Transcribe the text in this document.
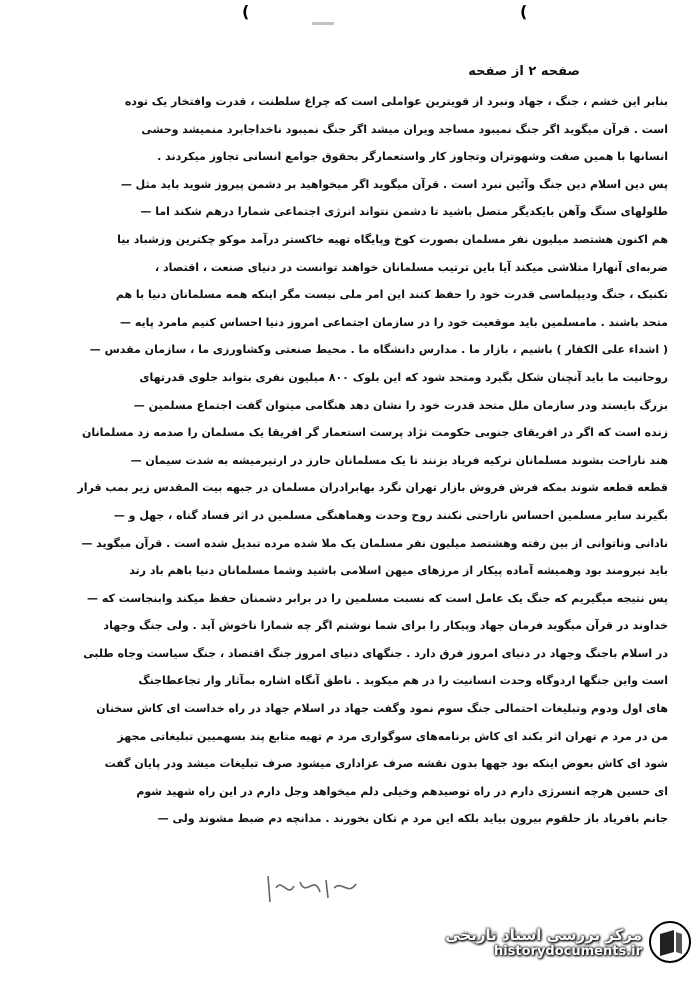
(	(
صفحه ۲ از صفحه
بنابر این خشم ، جنگ ، جهاد ونبرد از قویترین عواملی است که چراغ سلطنت ، قدرت وافتخار یک توده
است . قرآن میگوید اگر جنگ نمیبود مساجد ویران میشد اگر جنگ نمیبود ناخداجابرد منمیشد وحشی
انسانها با همین صفت وشهوتران وتجاوز کار واستعمارگر بحقوق جوامع انسانی تجاوز میکردند .
پس دین اسلام دین جنگ وآئین نبرد است . قرآن میگوید اگر میخواهید بر دشمن پیروز شوید باید مثل —
طلولهای سنگ وآهن بایکدیگر متصل باشید تا دشمن نتواند انرژی اجتماعی شمارا درهم شکند اما —
هم اکنون هشتصد میلیون نفر مسلمان بصورت کوخ وپایگاه تهیه خاکستر درآمد موکو چکترین وزشباد بیا
ضربه‌ای آنهارا متلاشی میکند آیا باین ترتیب مسلمانان خواهند توانست در دنیای صنعت ، اقتصاد ،
تکنیک ، جنگ ودیپلماسی قدرت خود را حفظ کنند این امر ملی نیست مگر اینکه همه مسلمانان دنیا با هم
متحد باشند . مامسلمین باید موقعیت خود را در سازمان اجتماعی امروز دنیا احساس کنیم مامرد پایه —
( اشداء علی الکفار ) باشیم ، بازار ما . مدارس دانشگاه ما . محیط صنعتی وکشاورزی ما ، سازمان مقدس —
روحانیت ما باید آنچنان شکل بگیرد ومتحد شود که این بلوک ۸۰۰ میلیون نفری بتواند جلوی قدرتهای
بزرگ بایستد ودر سازمان ملل متحد قدرت خود را نشان دهد هنگامی میتوان گفت اجتماع مسلمین —
زنده است که اگر در افریقای جنوبی حکومت نژاد پرست استعمار گر افریقا یک مسلمان را صدمه زد مسلمانان
هند ناراحت بشوند مسلمانان ترکیه فریاد بزنند تا یک مسلمانان حارز در ارتیرمیشه به شدت سیمان —
قطعه قطعه شوند بمکه فرش فروش بازار تهران نگرد بهابرادران مسلمان در جبهه بیت المقدس زیر بمب قرار
بگیرند سایر مسلمین احساس ناراحتی نکنند روح وحدت وهماهنگی مسلمین در اثر فساد گناه ، جهل و —
نادانی وناتوانی از بین رفته وهشتصد میلیون نفر مسلمان یک ملا شده مرده تبدیل شده است . قرآن میگوید —
باید نیرومند بود وهمیشه آماده پیکار از مرزهای میهن اسلامی باشید وشما مسلمانان دنیا باهم باد رتد
پس نتیجه میگیریم که جنگ یک عامل است که نسبت مسلمین را در برابر دشمنان حفظ میکند وابنجاست که —
خداوند در قرآن میگوید فرمان جهاد وپیکار را برای شما نوشتم اگر چه شمارا ناخوش آید . ولی جنگ وجهاد
در اسلام باجنگ وجهاد در دنیای امروز فرق دارد . جنگهای دنیای امروز جنگ اقتصاد ، جنگ سیاست وجاه طلبی
است واین جنگها اردوگاه وحدت انسانیت را در هم میکوبد . ناطق آنگاه اشاره بمآثار وار تجاعطاجنگ
های اول ودوم وتبلیغات احتمالی جنگ سوم نمود وگفت جهاد در اسلام جهاد در راه خداست ای کاش سخنان
من در مرد م تهران اثر بکند ای کاش برنامه‌های سوگواری مرد م تهیه متابع پند بسهمیین تبلیغاتی مجهز
شود ای کاش بعوض اینکه بود جهها بدون نقشه صرف عزاداری میشود صرف تبلیغات میشد ودر پایان گفت
ای حسین هرچه انسرژی دارم در راه توصیدهم وخیلی دلم میخواهد وجل دارم در این راه شهید شوم
جانم بافریاد باز حلقوم بیرون بیاید بلکه این مرد م تکان بخورند . مدانچه دم ضبط مشوند ولی —
مرکز بررسی اسناد تاریخی
historydocuments.ir
